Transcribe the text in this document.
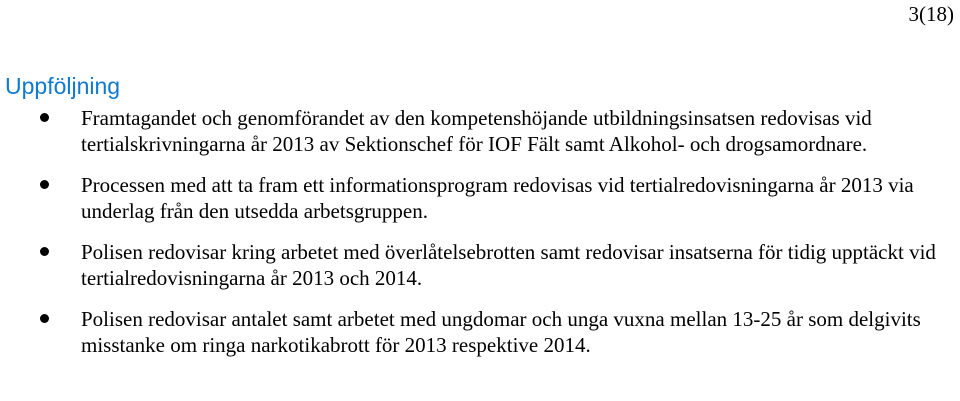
3(18)
Uppföljning
Framtagandet och genomförandet av den kompetenshöjande utbildningsinsatsen redovisas vid tertialskrivningarna år 2013 av Sektionschef för IOF Fält samt Alkohol- och drogsamordnare.
Processen med att ta fram ett informationsprogram redovisas vid tertialredovisningarna år 2013 via underlag från den utsedda arbetsgruppen.
Polisen redovisar kring arbetet med överlåtelsebrotten samt redovisar insatserna för tidig upptäckt vid tertialredovisningarna år 2013 och 2014.
Polisen redovisar antalet samt arbetet med ungdomar och unga vuxna mellan 13-25 år som delgivits misstanke om ringa narkotikabrott för 2013 respektive 2014.
